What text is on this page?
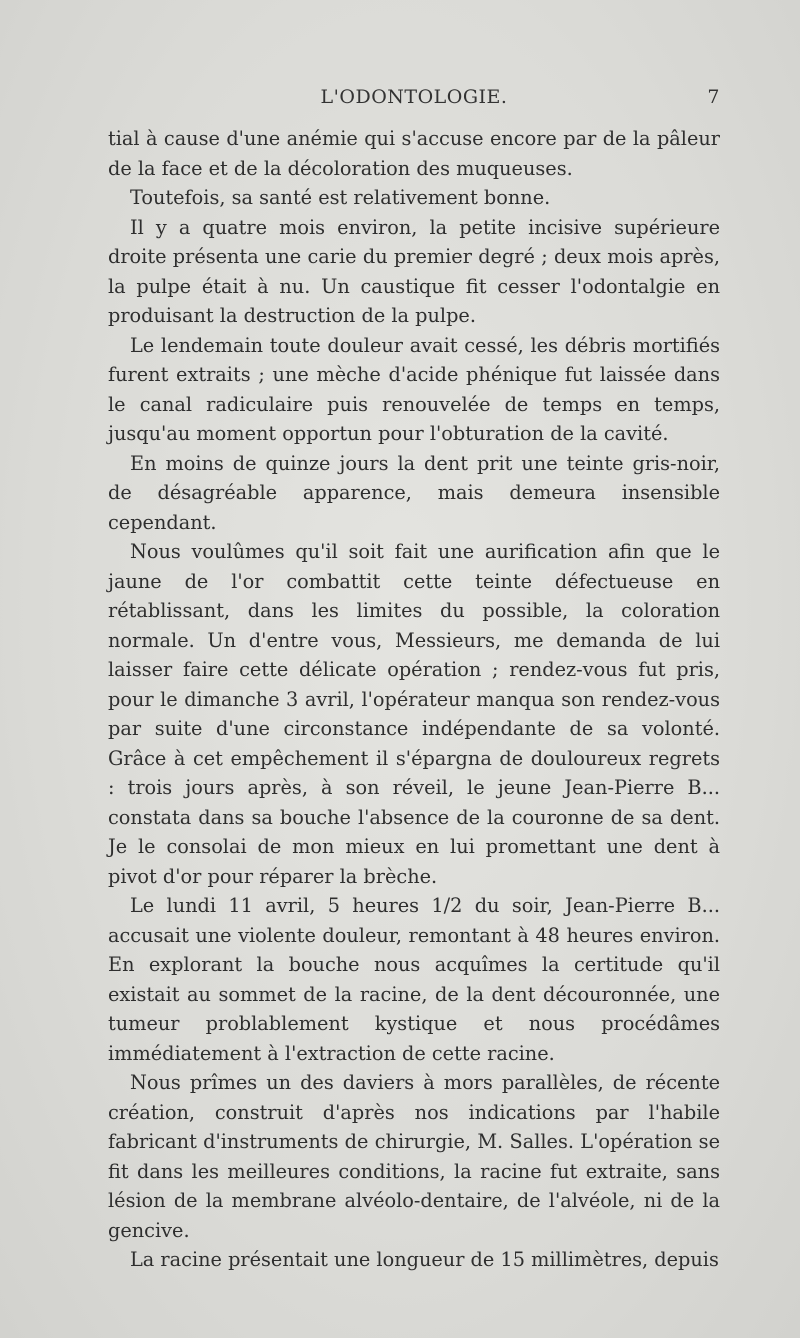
L'ODONTOLOGIE.	7

tial à cause d'une anémie qui s'accuse encore par de la pâleur de la face et de la décoloration des muqueuses.

Toutefois, sa santé est relativement bonne.

Il y a quatre mois environ, la petite incisive supérieure droite présenta une carie du premier degré ; deux mois après, la pulpe était à nu. Un caustique fit cesser l'odontalgie en produisant la destruction de la pulpe.

Le lendemain toute douleur avait cessé, les débris mortifiés furent extraits ; une mèche d'acide phénique fut laissée dans le canal radiculaire puis renouvelée de temps en temps, jusqu'au moment opportun pour l'obturation de la cavité.

En moins de quinze jours la dent prit une teinte gris-noir, de désagréable apparence, mais demeura insensible cependant.

Nous voulûmes qu'il soit fait une aurification afin que le jaune de l'or combattit cette teinte défectueuse en rétablissant, dans les limites du possible, la coloration normale. Un d'entre vous, Messieurs, me demanda de lui laisser faire cette délicate opération ; rendez-vous fut pris, pour le dimanche 3 avril, l'opérateur manqua son rendez-vous par suite d'une circonstance indépendante de sa volonté. Grâce à cet empêchement il s'épargna de douloureux regrets : trois jours après, à son réveil, le jeune Jean-Pierre B... constata dans sa bouche l'absence de la couronne de sa dent. Je le consolai de mon mieux en lui promettant une dent à pivot d'or pour réparer la brèche.

Le lundi 11 avril, 5 heures 1/2 du soir, Jean-Pierre B... accusait une violente douleur, remontant à 48 heures environ. En explorant la bouche nous acquîmes la certitude qu'il existait au sommet de la racine, de la dent découronnée, une tumeur problablement kystique et nous procédâmes immédiatement à l'extraction de cette racine.

Nous prîmes un des daviers à mors parallèles, de récente création, construit d'après nos indications par l'habile fabricant d'instruments de chirurgie, M. Salles. L'opération se fit dans les meilleures conditions, la racine fut extraite, sans lésion de la membrane alvéolo-dentaire, de l'alvéole, ni de la gencive.

La racine présentait une longueur de 15 millimètres, depuis
